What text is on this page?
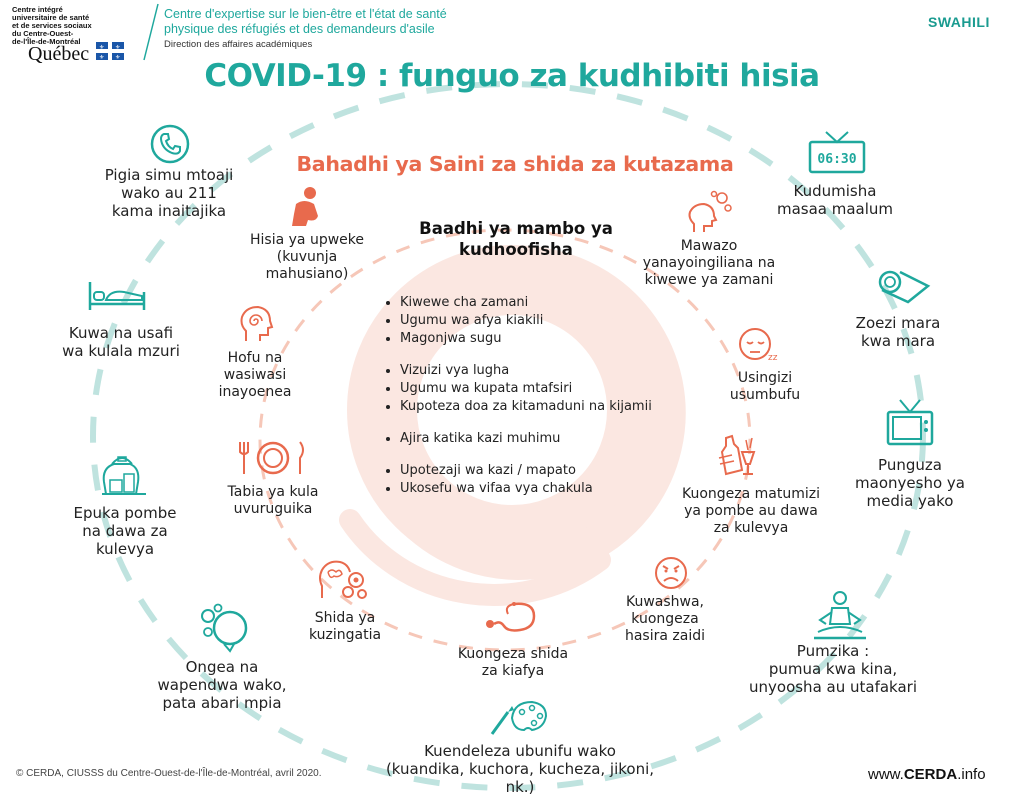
Centre intégré
universitaire de santé
et de services sociaux
du Centre-Ouest-
de-l'Île-de-Montréal
Québec ⚜ ⚜
⚜ ⚜
Centre d'expertise sur le bien-être et l'état de santé
physique des réfugiés et des demandeurs d'asile
Direction des affaires académiques
SWAHILI
COVID-19 : funguo za kudhibiti hisia
Bahadhi ya Saini za shida za kutazama
Baadhi ya mambo ya
kudhoofisha
• Kiwewe cha zamani
• Ugumu wa afya kiakili
• Magonjwa sugu
• Vizuizi vya lugha
• Ugumu wa kupata mtafsiri
• Kupoteza doa za kitamaduni na kijamii
• Ajira katika kazi muhimu
• Upotezaji wa kazi / mapato
• Ukosefu wa vifaa vya chakula
Hisia ya upweke
(kuvunja
mahusiano)
Hofu na
wasiwasi
inayoenea
Tabia ya kula
uvuruguika
Shida ya
kuzingatia
Kuongeza shida
za kiafya
Kuwashwa,
kuongeza
hasira zaidi
Kuongeza matumizi
ya pombe au dawa
za kulevya
zz
Usingizi
usumbufu
Mawazo
yanayoingiliana na
kiwewe ya zamani
Pigia simu mtoaji
wako au 211
kama inaitajika
Kuwa na usafi
wa kulala mzuri
Epuka pombe
na dawa za
kulevya
Ongea na
wapendwa wako,
pata abari mpia
Kuendeleza ubunifu wako
(kuandika, kuchora, kucheza, jikoni,
nk.)
Pumzika :
pumua kwa kina,
unyoosha au utafakari
Punguza
maonyesho ya
media yako
Zoezi mara
kwa mara
06:30
Kudumisha
masaa maalum
© CERDA, CIUSSS du Centre-Ouest-de-l'Île-de-Montréal, avril 2020.	www.CERDA.info
